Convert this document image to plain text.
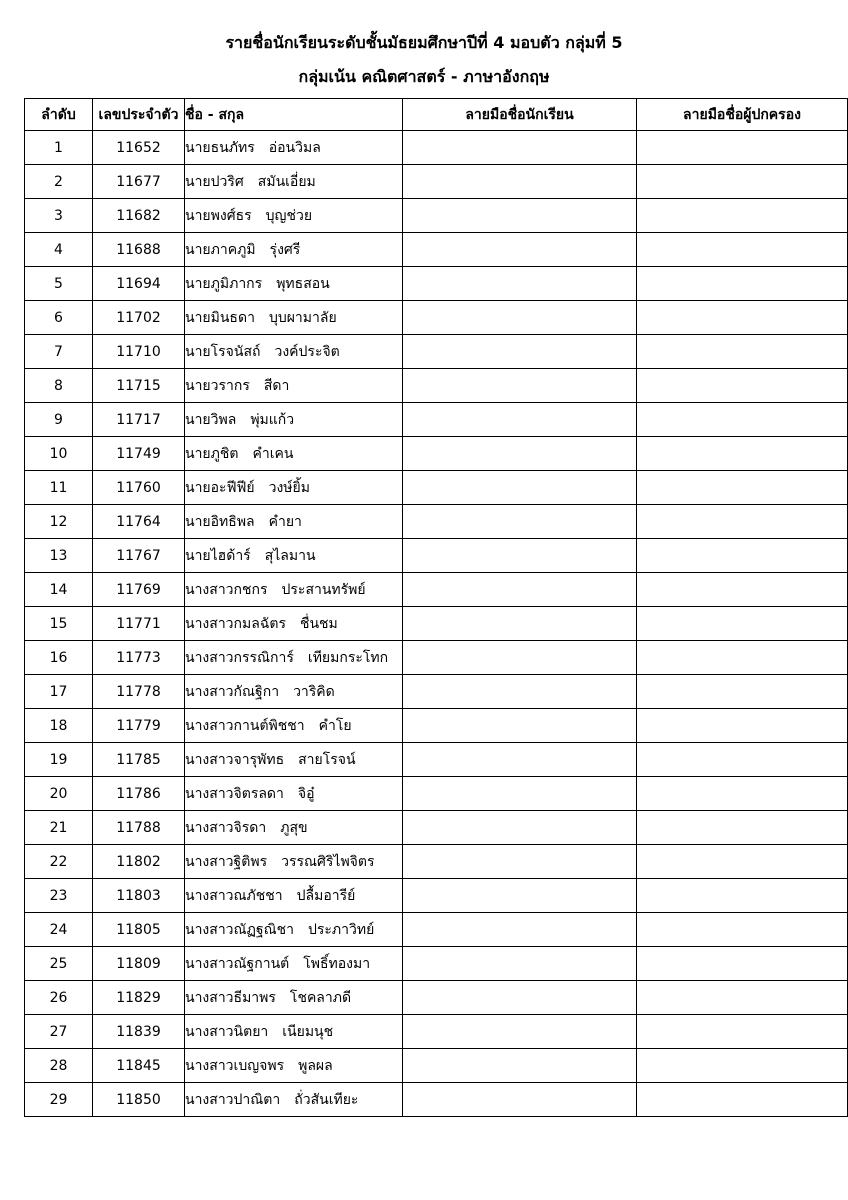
รายชื่อนักเรียนระดับชั้นมัธยมศึกษาปีที่ 4 มอบตัว กลุ่มที่ 5
กลุ่มเน้น คณิตศาสตร์ - ภาษาอังกฤษ
ลำดับ	เลขประจำตัว	ชื่อ - สกุล	ลายมือชื่อนักเรียน	ลายมือชื่อผู้ปกครอง
1	11652	นายธนภัทร อ่อนวิมล		
2	11677	นายปวริศ สมันเอี่ยม		
3	11682	นายพงศ์ธร บุญช่วย		
4	11688	นายภาคภูมิ รุ่งศรี		
5	11694	นายภูมิภากร พุทธสอน		
6	11702	นายมินธดา บุบผามาลัย		
7	11710	นายโรจนัสถ์ วงค์ประจิต		
8	11715	นายวรากร สีดา		
9	11717	นายวิพล พุ่มแก้ว		
10	11749	นายภูชิต คำเคน		
11	11760	นายอะฟีฟีย์ วงษ์ยิ้ม		
12	11764	นายอิทธิพล คำยา		
13	11767	นายไฮด้าร์ สุไลมาน		
14	11769	นางสาวกชกร ประสานทรัพย์		
15	11771	นางสาวกมลฉัตร ชื่นชม		
16	11773	นางสาวกรรณิการ์ เทียมกระโทก		
17	11778	นางสาวกัณฐิกา วาริคิด		
18	11779	นางสาวกานต์พิชชา คำโย		
19	11785	นางสาวจารุพัทธ สายโรจน์		
20	11786	นางสาวจิตรลดา จิอู๋		
21	11788	นางสาวจิรดา ภูสุข		
22	11802	นางสาวฐิติพร วรรณศิริไพจิตร		
23	11803	นางสาวณภัชชา ปลื้มอารีย์		
24	11805	นางสาวณัฏฐณิชา ประภาวิทย์		
25	11809	นางสาวณัฐกานต์ โพธิ์ทองมา		
26	11829	นางสาวธีมาพร โชคลาภดี		
27	11839	นางสาวนิตยา เนียมนุช		
28	11845	นางสาวเบญจพร พูลผล		
29	11850	นางสาวปาณิตา ถั่วสันเทียะ		
